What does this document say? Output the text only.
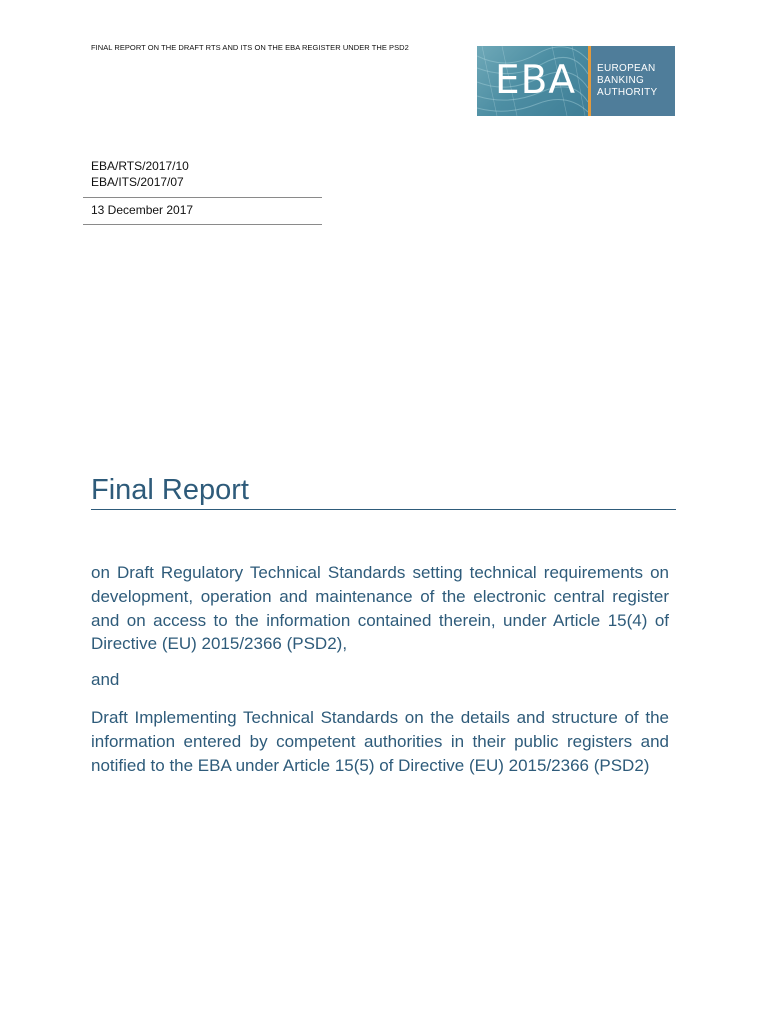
FINAL REPORT ON THE DRAFT RTS AND ITS ON THE EBA REGISTER UNDER THE PSD2
EBA EUROPEAN
BANKING
AUTHORITY
EBA/RTS/2017/10
EBA/ITS/2017/07
13 December 2017
Final Report

on Draft Regulatory Technical Standards setting technical requirements on development, operation and maintenance of the electronic central register and on access to the information contained therein, under Article 15(4) of Directive (EU) 2015/2366 (PSD2),

and

Draft Implementing Technical Standards on the details and structure of the information entered by competent authorities in their public registers and notified to the EBA under Article 15(5) of Directive (EU) 2015/2366 (PSD2)
